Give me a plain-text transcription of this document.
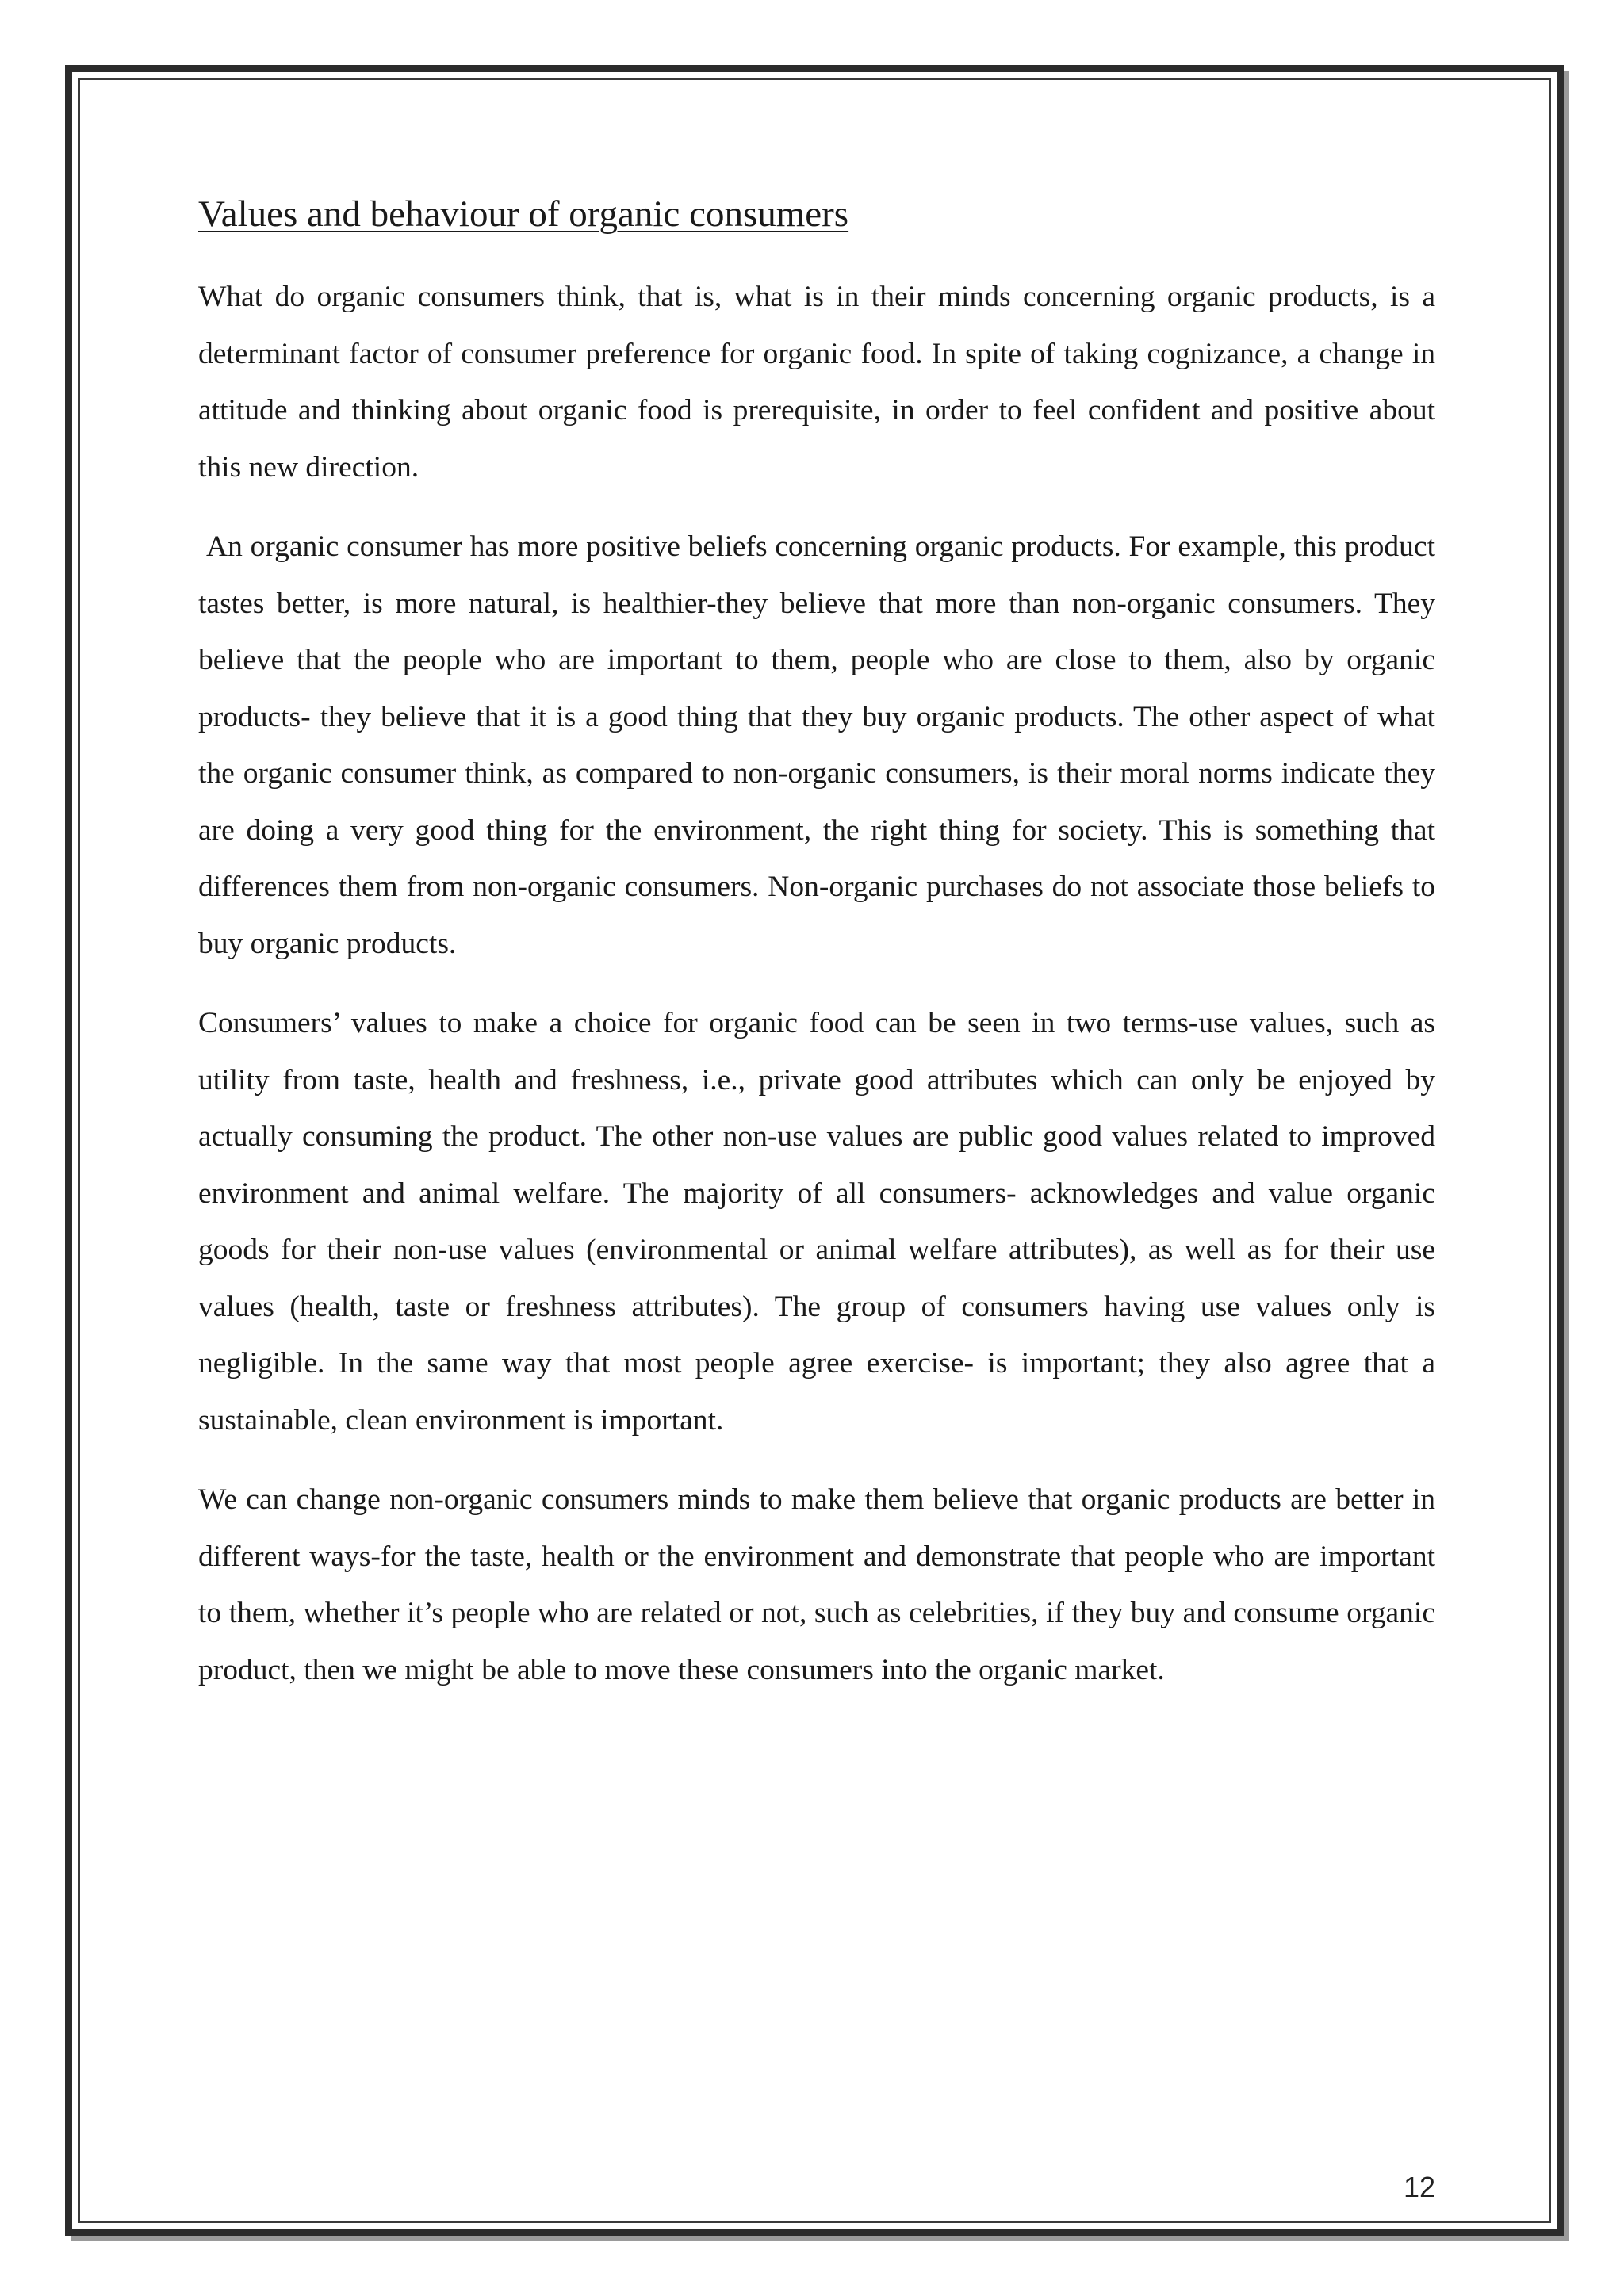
Values and behaviour of organic consumers

What do organic consumers think, that is, what is in their minds concerning organic products, is a determinant factor of consumer preference for organic food. In spite of taking cognizance, a change in attitude and thinking about organic food is prerequisite, in order to feel confident and positive about this new direction.

An organic consumer has more positive beliefs concerning organic products. For example, this product tastes better, is more natural, is healthier-they believe that more than non-organic consumers. They believe that the people who are important to them, people who are close to them, also by organic products- they believe that it is a good thing that they buy organic products. The other aspect of what the organic consumer think, as compared to non-organic consumers, is their moral norms indicate they are doing a very good thing for the environment, the right thing for society. This is something that differences them from non-organic consumers. Non-organic purchases do not associate those beliefs to buy organic products.

Consumers’ values to make a choice for organic food can be seen in two terms-use values, such as utility from taste, health and freshness, i.e., private good attributes which can only be enjoyed by actually consuming the product. The other non-use values are public good values related to improved environment and animal welfare. The majority of all consumers- acknowledges and value organic goods for their non-use values (environmental or animal welfare attributes), as well as for their use values (health, taste or freshness attributes). The group of consumers having use values only is negligible. In the same way that most people agree exercise- is important; they also agree that a sustainable, clean environment is important.

We can change non-organic consumers minds to make them believe that organic products are better in different ways-for the taste, health or the environment and demonstrate that people who are important to them, whether it’s people who are related or not, such as celebrities, if they buy and consume organic product, then we might be able to move these consumers into the organic market.

12
